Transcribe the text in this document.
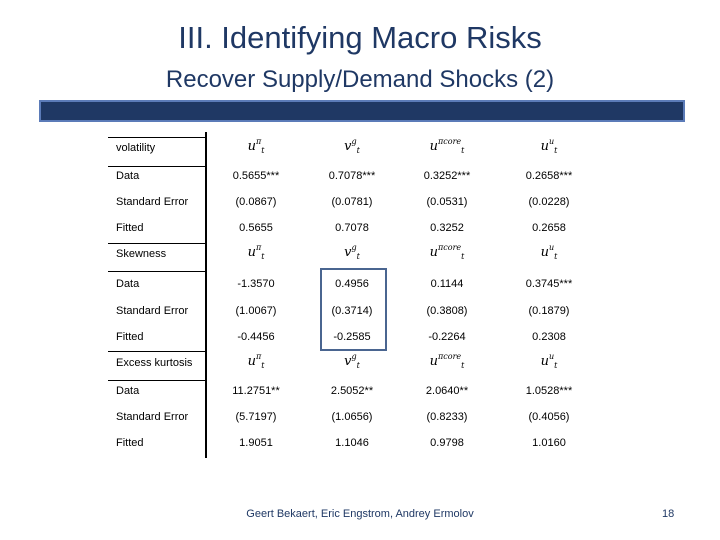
III. Identifying Macro Risks
Recover Supply/Demand Shocks (2)
volatility	$u^\pi_t$	$v^g_t$	$u^{\pi core}_t$	$u^u_t$
Data	0.5655***	0.7078***	0.3252***	0.2658***
Standard Error	(0.0867)	(0.0781)	(0.0531)	(0.0228)
Fitted	0.5655	0.7078	0.3252	0.2658
Skewness	$u^\pi_t$	$v^g_t$	$u^{\pi core}_t$	$u^u_t$
Data	-1.3570	0.4956	0.1144	0.3745***
Standard Error	(1.0067)	(0.3714)	(0.3808)	(0.1879)
Fitted	-0.4456	-0.2585	-0.2264	0.2308
Excess kurtosis	$u^\pi_t$	$v^g_t$	$u^{\pi core}_t$	$u^u_t$
Data	11.2751**	2.5052**	2.0640**	1.0528***
Standard Error	(5.7197)	(1.0656)	(0.8233)	(0.4056)
Fitted	1.9051	1.1046	0.9798	1.0160
Geert Bekaert, Eric Engstrom, Andrey Ermolov	18
